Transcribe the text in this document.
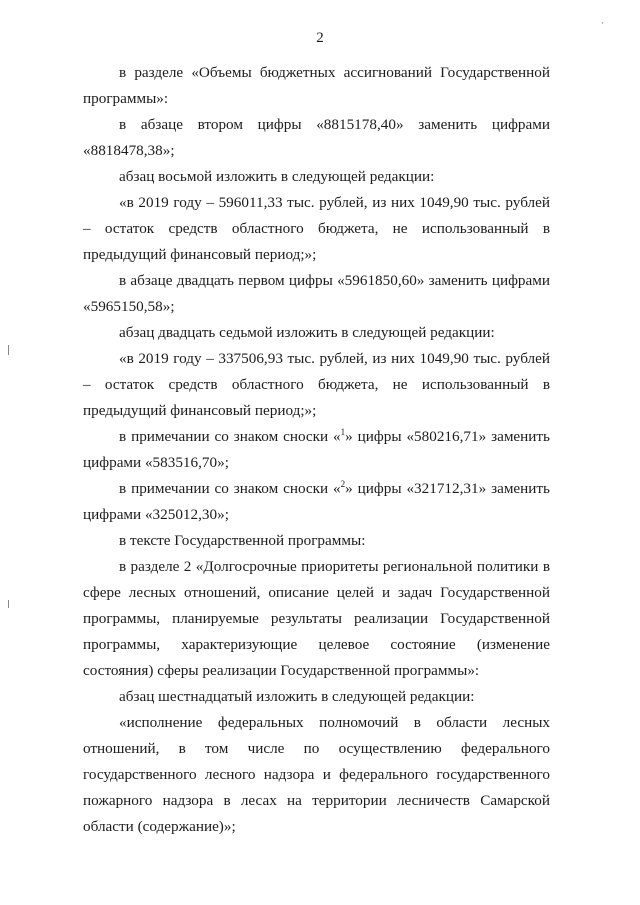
·
2

в разделе «Объемы бюджетных ассигнований Государственной программы»:

в абзаце втором цифры «8815178,40» заменить цифрами «8818478,38»;

абзац восьмой изложить в следующей редакции:

«в 2019 году – 596011,33 тыс. рублей, из них 1049,90 тыс. рублей – остаток средств областного бюджета, не использованный в предыдущий финансовый период;»;

в абзаце двадцать первом цифры «5961850,60» заменить цифрами «5965150,58»;

абзац двадцать седьмой изложить в следующей редакции:

«в 2019 году – 337506,93 тыс. рублей, из них 1049,90 тыс. рублей – остаток средств областного бюджета, не использованный в предыдущий финансовый период;»;

в примечании со знаком сноски «$^1$» цифры «580216,71» заменить цифрами «583516,70»;

в примечании со знаком сноски «$^2$» цифры «321712,31» заменить цифрами «325012,30»;

в тексте Государственной программы:

в разделе 2 «Долгосрочные приоритеты региональной политики в сфере лесных отношений, описание целей и задач Государственной программы, планируемые результаты реализации Государственной программы, характеризующие целевое состояние (изменение состояния) сферы реализации Государственной программы»:

абзац шестнадцатый изложить в следующей редакции:

«исполнение федеральных полномочий в области лесных отношений, в том числе по осуществлению федерального государственного лесного надзора и федерального государственного пожарного надзора в лесах на территории лесничеств Самарской области (содержание)»;
